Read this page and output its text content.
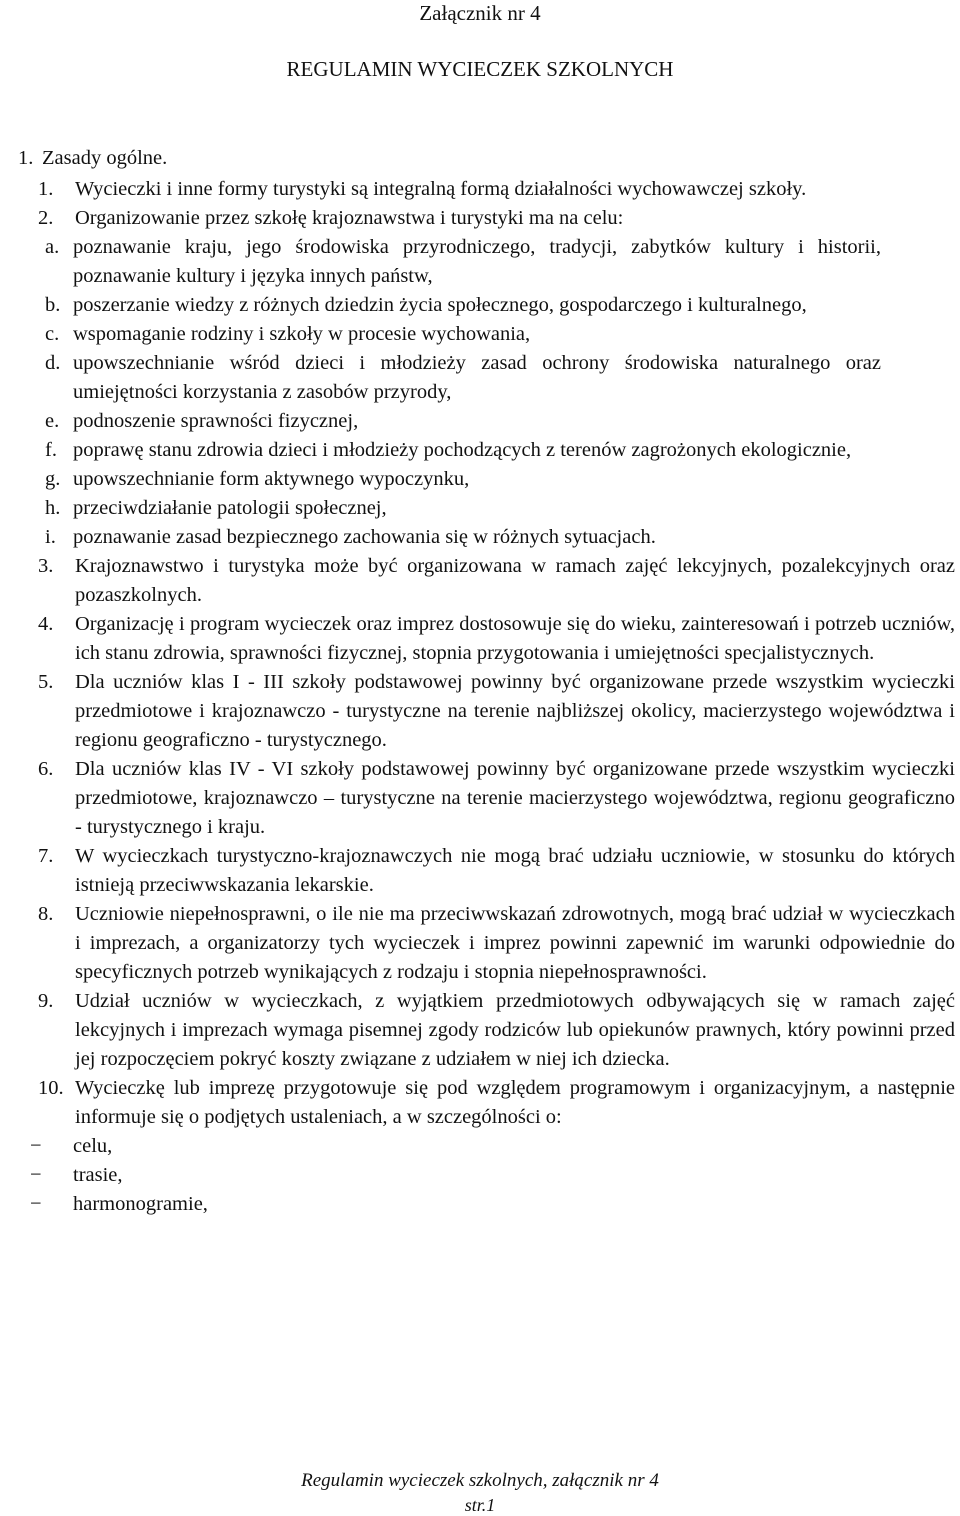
Załącznik nr 4
REGULAMIN WYCIECZEK SZKOLNYCH
1. Zasady ogólne.
1. Wycieczki i inne formy turystyki są integralną formą działalności wychowawczej szkoły.
2. Organizowanie przez szkołę krajoznawstwa i turystyki ma na celu:
a. poznawanie kraju, jego środowiska przyrodniczego, tradycji, zabytków kultury i historii, poznawanie kultury i języka innych państw,
b. poszerzanie wiedzy z różnych dziedzin życia społecznego, gospodarczego i kulturalnego,
c. wspomaganie rodziny i szkoły w procesie wychowania,
d. upowszechnianie wśród dzieci i młodzieży zasad ochrony środowiska naturalnego oraz umiejętności korzystania z zasobów przyrody,
e. podnoszenie sprawności fizycznej,
f. poprawę stanu zdrowia dzieci i młodzieży pochodzących z terenów zagrożonych ekologicznie,
g. upowszechnianie form aktywnego wypoczynku,
h. przeciwdziałanie patologii społecznej,
i. poznawanie zasad bezpiecznego zachowania się w różnych sytuacjach.
3. Krajoznawstwo i turystyka może być organizowana w ramach zajęć lekcyjnych, pozalekcyjnych oraz pozaszkolnych.
4. Organizację i program wycieczek oraz imprez dostosowuje się do wieku, zainteresowań i potrzeb uczniów, ich stanu zdrowia, sprawności fizycznej, stopnia przygotowania i umiejętności specjalistycznych.
5. Dla uczniów klas I - III szkoły podstawowej powinny być organizowane przede wszystkim wycieczki przedmiotowe i krajoznawczo - turystyczne na terenie najbliższej okolicy, macierzystego województwa i regionu geograficzno - turystycznego.
6. Dla uczniów klas IV - VI szkoły podstawowej powinny być organizowane przede wszystkim wycieczki przedmiotowe, krajoznawczo – turystyczne na terenie macierzystego województwa, regionu geograficzno - turystycznego i kraju.
7. W wycieczkach turystyczno-krajoznawczych nie mogą brać udziału uczniowie, w stosunku do których istnieją przeciwwskazania lekarskie.
8. Uczniowie niepełnosprawni, o ile nie ma przeciwwskazań zdrowotnych, mogą brać udział w wycieczkach i imprezach, a organizatorzy tych wycieczek i imprez powinni zapewnić im warunki odpowiednie do specyficznych potrzeb wynikających z rodzaju i stopnia niepełnosprawności.
9. Udział uczniów w wycieczkach, z wyjątkiem przedmiotowych odbywających się w ramach zajęć lekcyjnych i imprezach wymaga pisemnej zgody rodziców lub opiekunów prawnych, który powinni przed jej rozpoczęciem pokryć koszty związane z udziałem w niej ich dziecka.
10. Wycieczkę lub imprezę przygotowuje się pod względem programowym i organizacyjnym, a następnie informuje się o podjętych ustaleniach, a w szczególności o:
− celu,
− trasie,
− harmonogramie,
Regulamin wycieczek szkolnych, załącznik nr 4
str.1
